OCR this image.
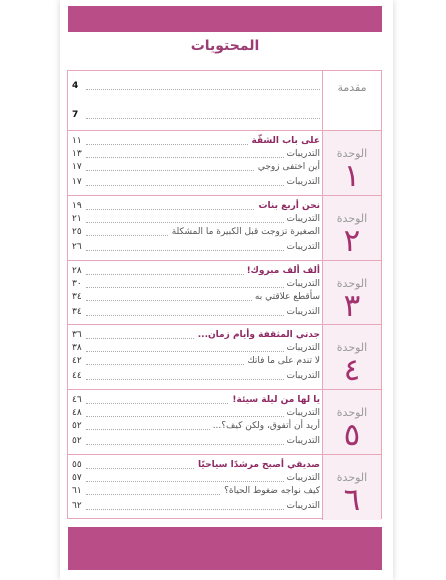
المحتويات
مقدمة
4
7
الوحدة
١
١١	على باب الشقّة
١٣	التدريبات
١٧	أين اختفى زوجي
١٧	التدريبات
الوحدة
٢
١٩	نحن أربع بنات
٢١	التدريبات
٢٥	الصغيرة تزوجت قبل الكبيرة ما المشكلة
٢٦	التدريبات
الوحدة
٣
٢٨	ألف ألف مبروك!
٣٠	التدريبات
٣٤	سأقطع علاقتي به
٣٤	التدريبات
الوحدة
٤
٣٦	جدتي المثقفة وأيام زمان...
٣٨	التدريبات
٤٢	لا تندم على ما فاتك
٤٤	التدريبات
الوحدة
٥
٤٦	يا لها من ليلة سيئة!
٤٨	التدريبات
٥٢	أريد أن أتفوق، ولكن كيف؟...
٥٢	التدريبات
الوحدة
٦
٥٥	صديقي أصبح مرشدًا سياحيًا
٥٧	التدريبات
٦١	كيف نواجه ضغوط الحياة؟
٦٢	التدريبات
